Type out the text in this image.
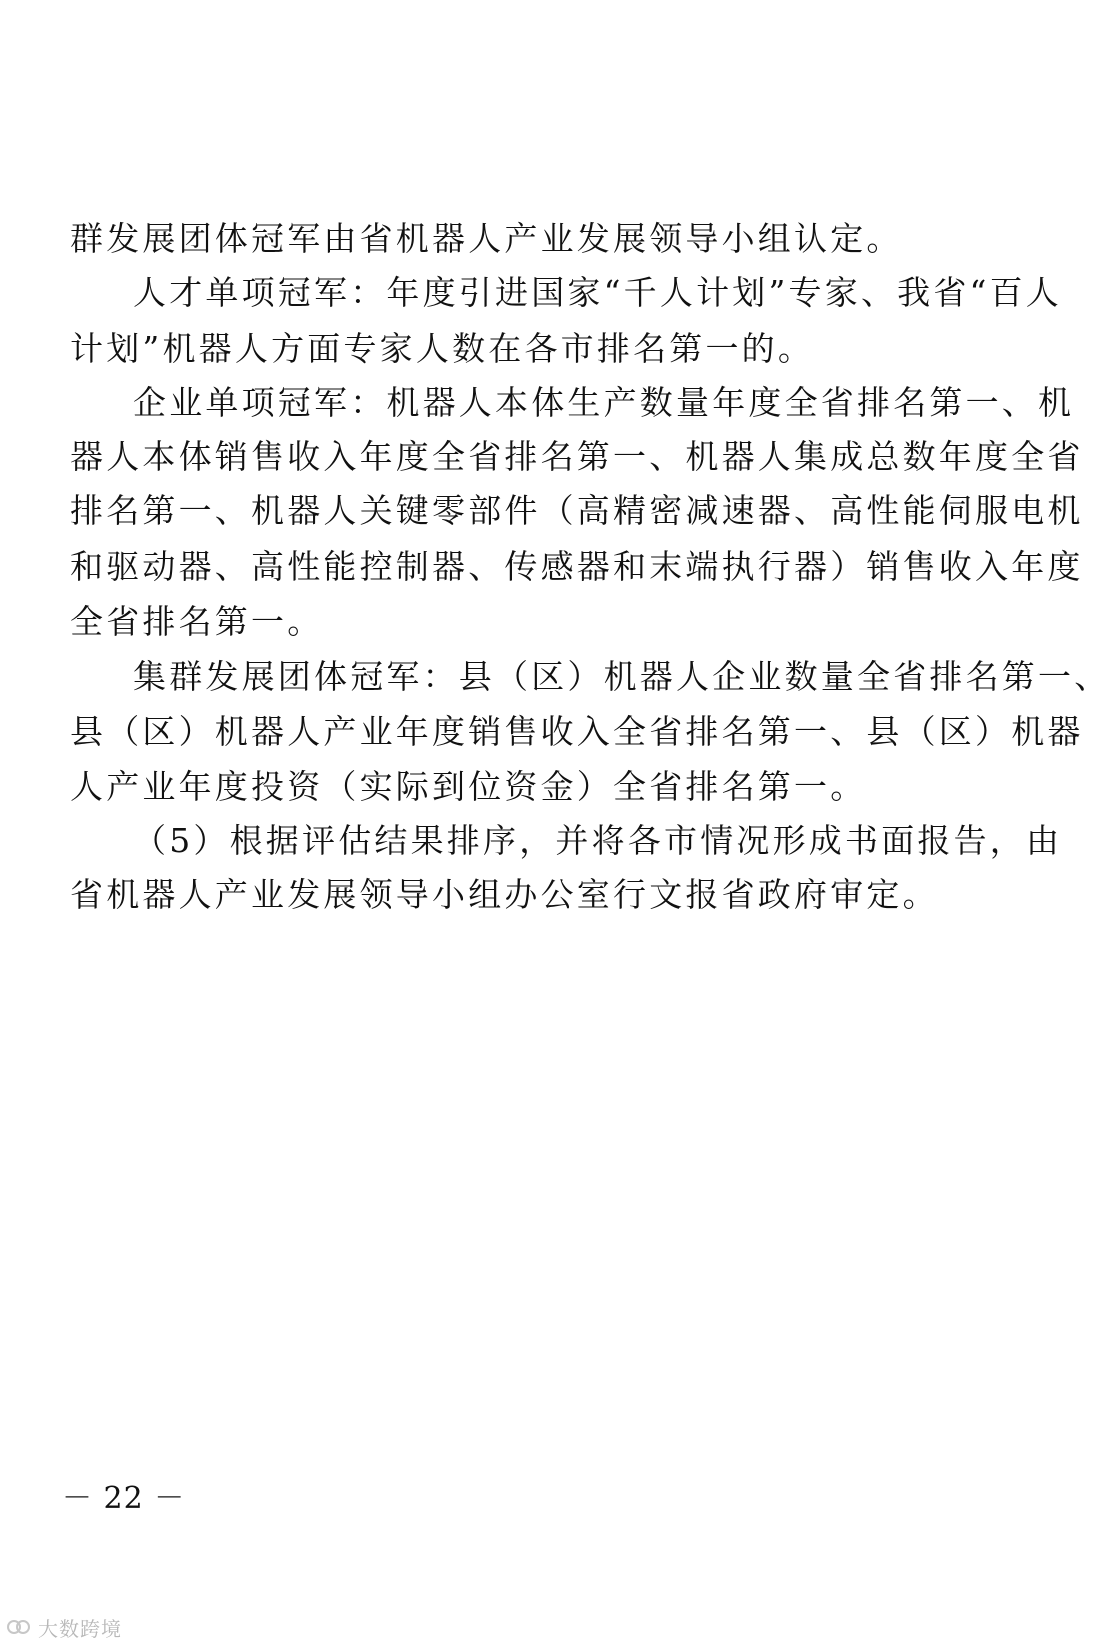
群发展团体冠军由省机器人产业发展领导小组认定。
人才单项冠军：年度引进国家“千人计划”专家、我省“百人
计划”机器人方面专家人数在各市排名第一的。
企业单项冠军：机器人本体生产数量年度全省排名第一、机
器人本体销售收入年度全省排名第一、机器人集成总数年度全省
排名第一、机器人关键零部件（高精密减速器、高性能伺服电机
和驱动器、高性能控制器、传感器和末端执行器）销售收入年度
全省排名第一。
集群发展团体冠军：县（区）机器人企业数量全省排名第一、
县（区）机器人产业年度销售收入全省排名第一、县（区）机器
人产业年度投资（实际到位资金）全省排名第一。
（5）根据评估结果排序，并将各市情况形成书面报告，由
省机器人产业发展领导小组办公室行文报省政府审定。
－ 22 －
大数跨境
